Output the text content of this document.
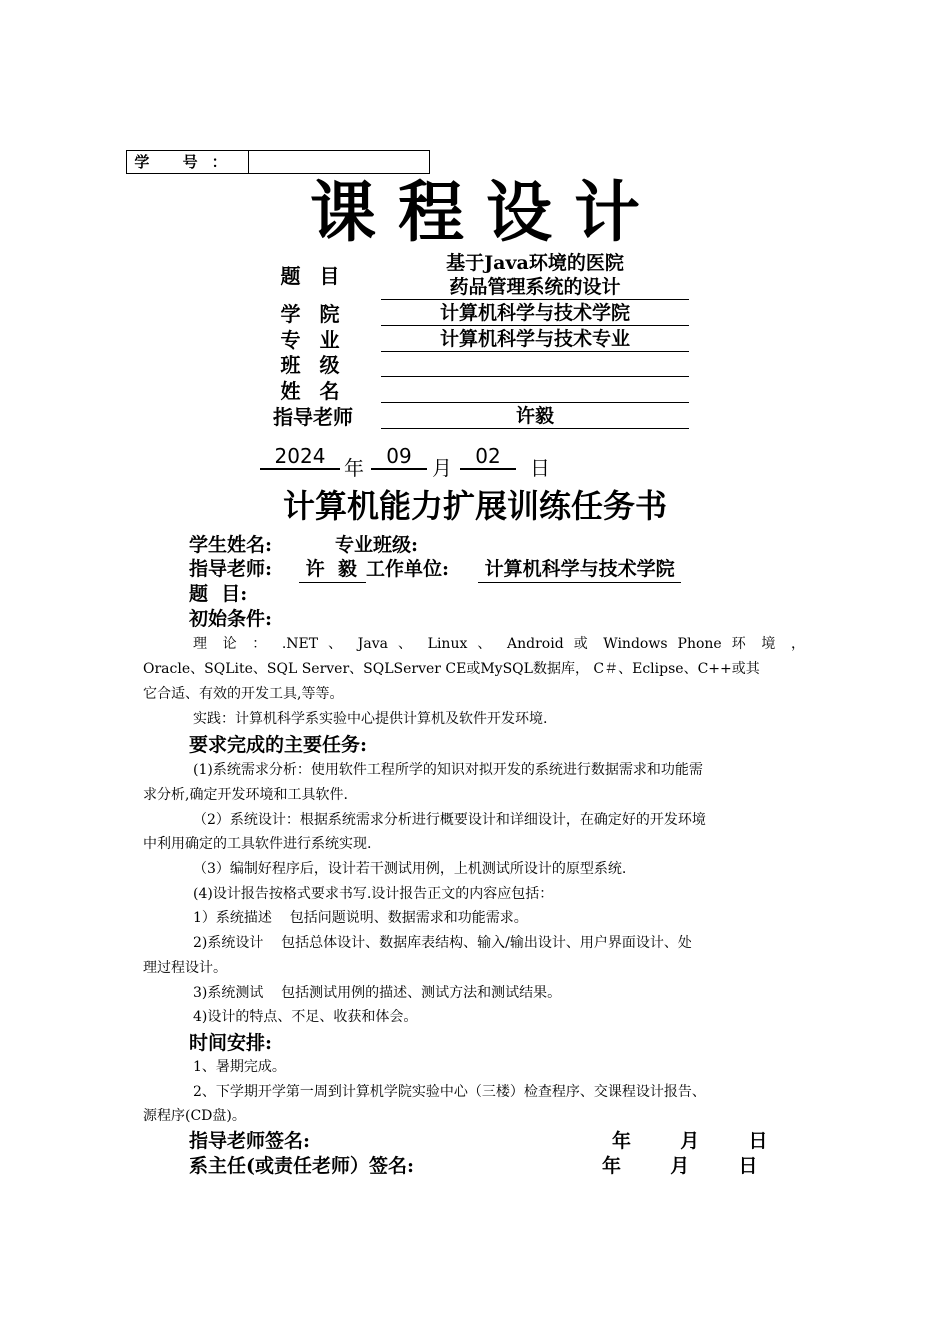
学 号：
课程设计
题 目
基于Java环境的医院
药品管理系统的设计
学 院	计算机科学与技术学院
专 业	计算机科学与技术专业
班 级
姓 名
指导老师	许毅
2024 年	09	月	02	日
计算机能力扩展训练任务书
学生姓名:	专业班级:
指导老师: 许  毅 工作单位: 计算机科学与技术学院
题  目:
初始条件:
理 论 ： .NET 、 Java 、 Linux 、 Android 或 Windows Phone 环 境 ，
Oracle、SQLite、SQL Server、SQLServer CE或MySQL数据库， C＃、Eclipse、C++或其
它合适、有效的开发工具,等等。
实践：计算机科学系实验中心提供计算机及软件开发环境.
要求完成的主要任务:
(1)系统需求分析：使用软件工程所学的知识对拟开发的系统进行数据需求和功能需
求分析,确定开发环境和工具软件.
（2）系统设计：根据系统需求分析进行概要设计和详细设计，在确定好的开发环境
中利用确定的工具软件进行系统实现.
（3）编制好程序后，设计若干测试用例，上机测试所设计的原型系统.
(4)设计报告按格式要求书写.设计报告正文的内容应包括：
1）系统描述    包括问题说明、数据需求和功能需求。
2)系统设计    包括总体设计、数据库表结构、输入/输出设计、用户界面设计、处
理过程设计。
3)系统测试    包括测试用例的描述、测试方法和测试结果。
4)设计的特点、不足、收获和体会。
时间安排:
1、暑期完成。
2、下学期开学第一周到计算机学院实验中心（三楼）检查程序、交课程设计报告、
源程序(CD盘)。
指导老师签名:	年  月  日
系主任(或责任老师）签名:	年  月  日
